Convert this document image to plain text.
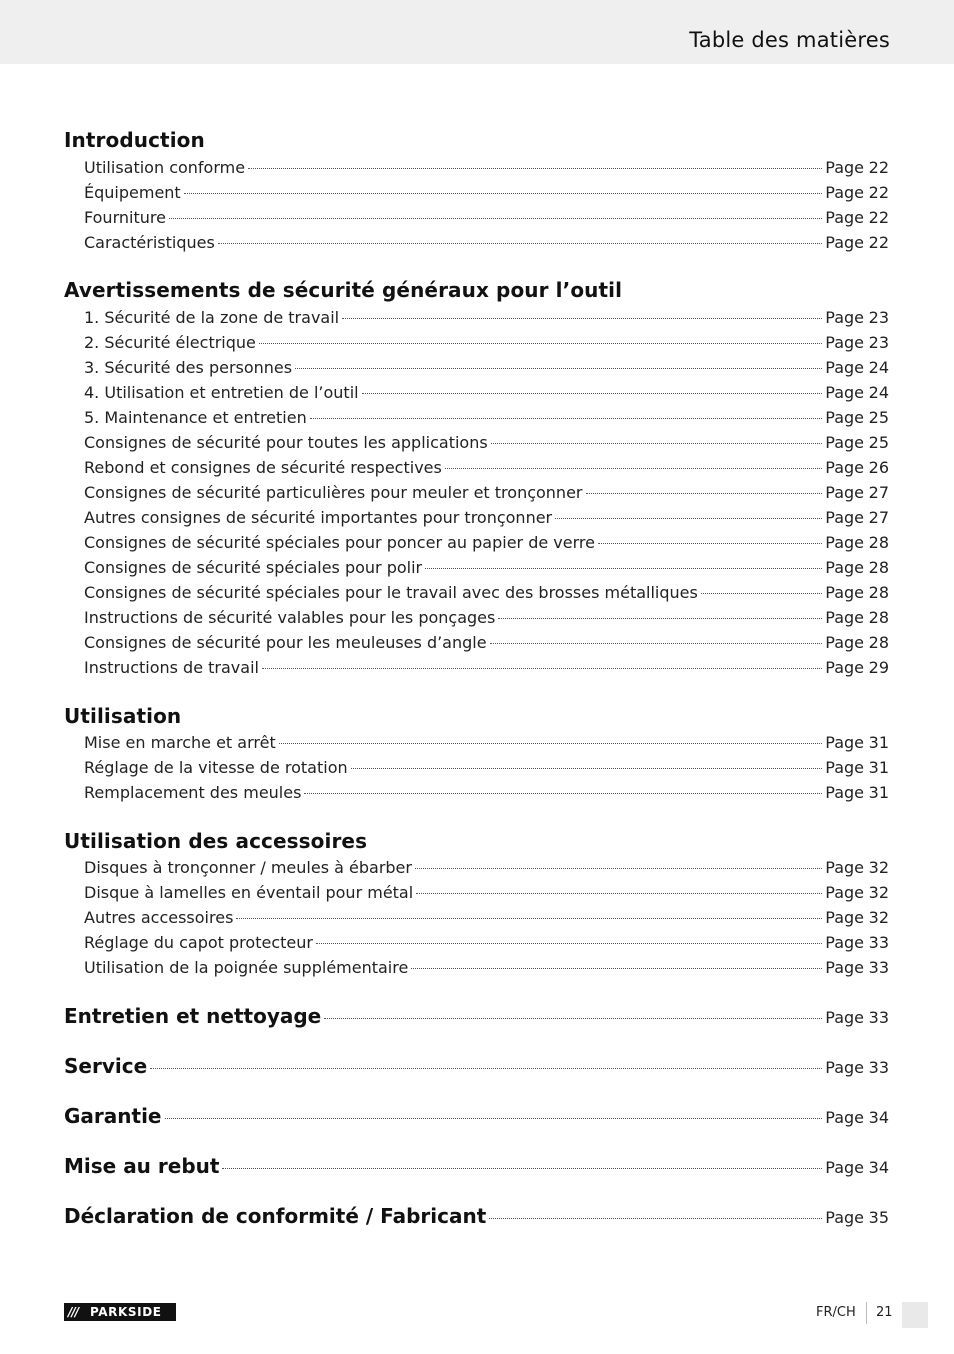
Table des matières
Introduction
Utilisation conforme	Page 22
Équipement	Page 22
Fourniture	Page 22
Caractéristiques	Page 22
Avertissements de sécurité généraux pour l’outil
1. Sécurité de la zone de travail	Page 23
2. Sécurité électrique	Page 23
3. Sécurité des personnes	Page 24
4. Utilisation et entretien de l’outil	Page 24
5. Maintenance et entretien	Page 25
Consignes de sécurité pour toutes les applications	Page 25
Rebond et consignes de sécurité respectives	Page 26
Consignes de sécurité particulières pour meuler et tronçonner	Page 27
Autres consignes de sécurité importantes pour tronçonner	Page 27
Consignes de sécurité spéciales pour poncer au papier de verre	Page 28
Consignes de sécurité spéciales pour polir	Page 28
Consignes de sécurité spéciales pour le travail avec des brosses métalliques	Page 28
Instructions de sécurité valables pour les ponçages	Page 28
Consignes de sécurité pour les meuleuses d’angle	Page 28
Instructions de travail	Page 29
Utilisation
Mise en marche et arrêt	Page 31
Réglage de la vitesse de rotation	Page 31
Remplacement des meules	Page 31
Utilisation des accessoires
Disques à tronçonner / meules à ébarber	Page 32
Disque à lamelles en éventail pour métal	Page 32
Autres accessoires	Page 32
Réglage du capot protecteur	Page 33
Utilisation de la poignée supplémentaire	Page 33
Entretien et nettoyage	Page 33
Service	Page 33
Garantie	Page 34
Mise au rebut	Page 34
Déclaration de conformité / Fabricant	Page 35
/// PARKSIDE	FR/CH 21
